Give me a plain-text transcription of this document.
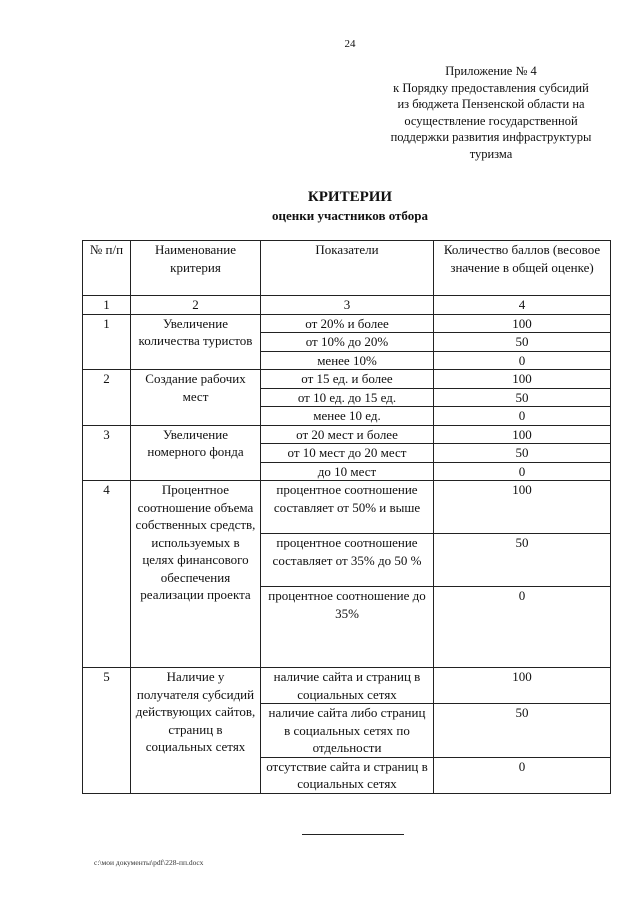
24
Приложение № 4
к Порядку предоставления субсидий
из бюджета Пензенской области на
осуществление государственной
поддержки развития инфраструктуры
туризма
КРИТЕРИИ
оценки участников отбора
№ п/п	Наименование критерия	Показатели	Количество баллов (весовое значение в общей оценке)
1	2	3	4
1	Увеличение количества туристов	от 20% и более	100
		от 10% до 20%	50
		менее 10%	0
2	Создание рабочих мест	от 15 ед. и более	100
		от 10 ед. до 15 ед.	50
		менее 10 ед.	0
3	Увеличение номерного фонда	от 20 мест и более	100
		от 10 мест до 20 мест	50
		до 10 мест	0
4	Процентное соотношение объема собственных средств, используемых в целях финансового обеспечения реализации проекта	процентное соотношение составляет от 50% и выше	100
		процентное соотношение составляет от 35% до 50 %	50
		процентное соотношение до 35%	0
5	Наличие у получателя субсидий действующих сайтов, страниц в социальных сетях	наличие сайта и страниц в социальных сетях	100
		наличие сайта либо страниц в социальных сетях по отдельности	50
		отсутствие сайта и страниц в социальных сетях	0
c:\мои документы\pdf\228-пп.docx
